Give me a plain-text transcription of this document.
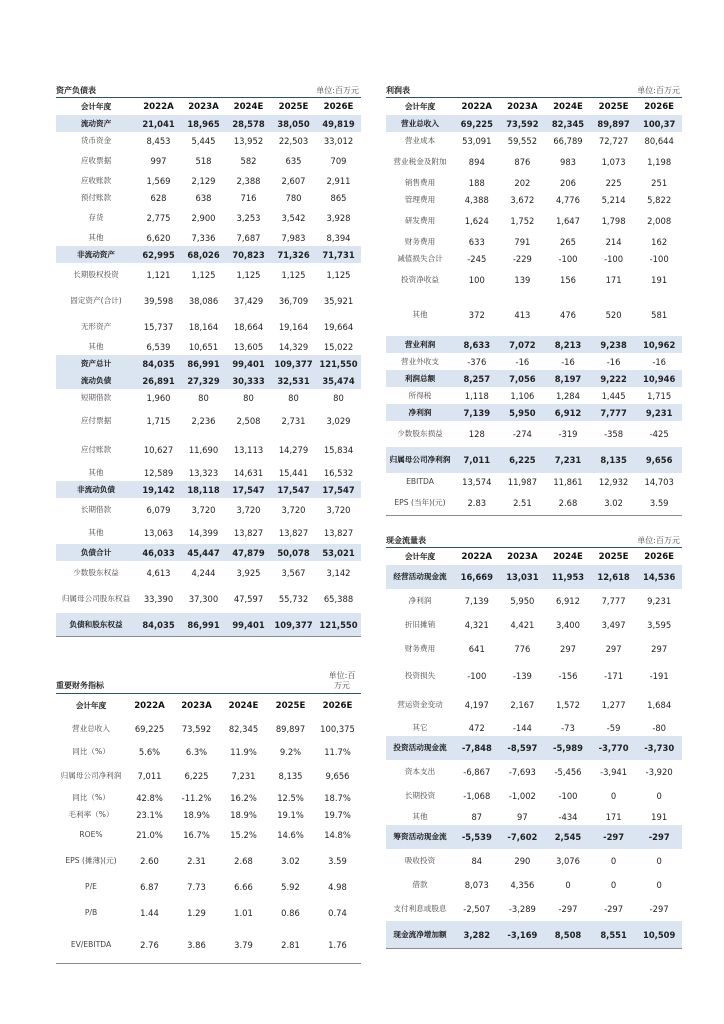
资产负债表	单位:百万元
会计年度	2022A	2023A	2024E	2025E	2026E
流动资产	21,041	18,965	28,578	38,050	49,819
货币资金	8,453	5,445	13,952	22,503	33,012
应收票据	997	518	582	635	709
应收账款	1,569	2,129	2,388	2,607	2,911
预付账款	628	638	716	780	865
存货	2,775	2,900	3,253	3,542	3,928
其他	6,620	7,336	7,687	7,983	8,394
非流动资产	62,995	68,026	70,823	71,326	71,731
长期股权投资	1,121	1,125	1,125	1,125	1,125
固定资产(合计)	39,598	38,086	37,429	36,709	35,921
无形资产	15,737	18,164	18,664	19,164	19,664
其他	6,539	10,651	13,605	14,329	15,022
资产总计	84,035	86,991	99,401	109,377 121,550
流动负债	26,891	27,329	30,333	32,531	35,474
短期借款	1,960	80	80	80	80
应付票据	1,715	2,236	2,508	2,731	3,029
应付账款	10,627	11,690	13,113	14,279	15,834
其他	12,589	13,323	14,631	15,441	16,532
非流动负债	19,142	18,118	17,547	17,547	17,547
长期借款	6,079	3,720	3,720	3,720	3,720
其他	13,063	14,399	13,827	13,827	13,827
负债合计	46,033	45,447	47,879	50,078	53,021
少数股东权益	4,613	4,244	3,925	3,567	3,142
归属母公司股东权益	33,390	37,300	47,597	55,732	65,388
负债和股东权益	84,035	86,991	99,401	109,377 121,550
利润表	单位:百万元
会计年度	2022A	2023A	2024E	2025E	2026E
营业总收入	69,225	73,592	82,345	89,897	100,37
营业成本	53,091	59,552	66,789	72,727	80,644
营业税金及附加	894	876	983	1,073	1,198
销售费用	188	202	206	225	251
管理费用	4,388	3,672	4,776	5,214	5,822
研发费用	1,624	1,752	1,647	1,798	2,008
财务费用	633	791	265	214	162
减值损失合计	-245	-229	-100	-100	-100
投资净收益	100	139	156	171	191
其他	372	413	476	520	581
营业利润	8,633	7,072	8,213	9,238	10,962
营业外收支	-376	-16	-16	-16	-16
利润总额	8,257	7,056	8,197	9,222	10,946
所得税	1,118	1,106	1,284	1,445	1,715
净利润	7,139	5,950	6,912	7,777	9,231
少数股东损益	128	-274	-319	-358	-425
归属母公司净利润	7,011	6,225	7,231	8,135	9,656
EBITDA	13,574	11,987	11,861	12,932	14,703
EPS (当年)(元)	2.83	2.51	2.68	3.02	3.59
重要财务指标
单位:百万元
会计年度	2022A	2023A	2024E	2025E	2026E
营业总收入	69,225	73,592	82,345	89,897	100,375
同比（%）	5.6%	6.3%	11.9%	9.2%	11.7%
归属母公司净利润	7,011	6,225	7,231	8,135	9,656
同比（%）	42.8%	-11.2%	16.2%	12.5%	18.7%
毛利率（%）	23.1%	18.9%	18.9%	19.1%	19.7%
ROE%	21.0%	16.7%	15.2%	14.6%	14.8%
EPS (摊薄)(元)	2.60	2.31	2.68	3.02	3.59
P/E	6.87	7.73	6.66	5.92	4.98
P/B	1.44	1.29	1.01	0.86	0.74
EV/EBITDA	2.76	3.86	3.79	2.81	1.76
现金流量表	单位:百万元
会计年度	2022A	2023A	2024E	2025E	2026E
经营活动现金流	16,669	13,031	11,953	12,618	14,536
净利润	7,139	5,950	6,912	7,777	9,231
折旧摊销	4,321	4,421	3,400	3,497	3,595
财务费用	641	776	297	297	297
投资损失	-100	-139	-156	-171	-191
营运资金变动	4,197	2,167	1,572	1,277	1,684
其它	472	-144	-73	-59	-80
投资活动现金流	-7,848	-8,597	-5,989	-3,770	-3,730
资本支出	-6,867	-7,693	-5,456	-3,941	-3,920
长期投资	-1,068	-1,002	-100	0	0
其他	87	97	-434	171	191
筹资活动现金流	-5,539	-7,602	2,545	-297	-297
吸收投资	84	290	3,076	0	0
借款	8,073	4,356	0	0	0
支付利息或股息	-2,507	-3,289	-297	-297	-297
现金流净增加额	3,282	-3,169	8,508	8,551	10,509
